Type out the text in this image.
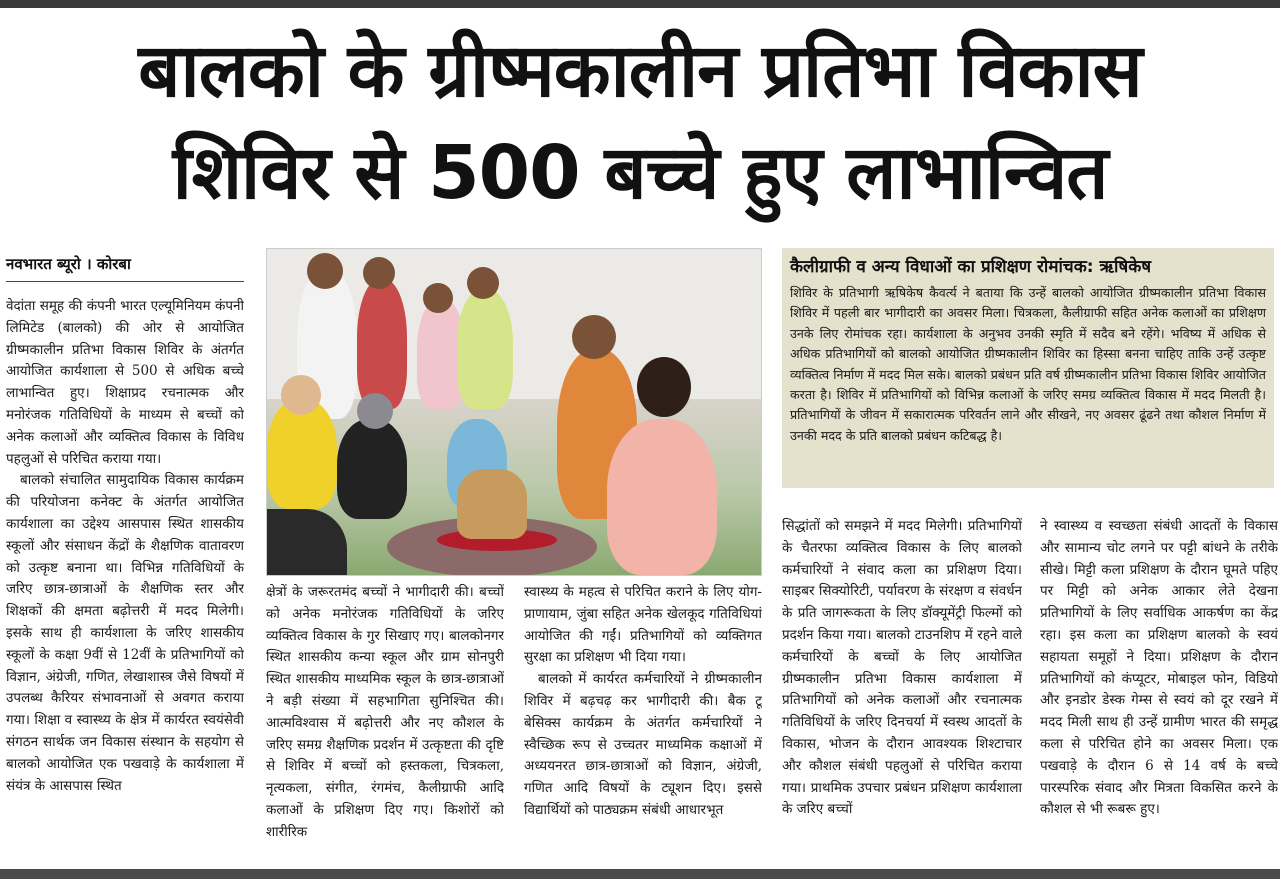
बालको के ग्रीष्मकालीन प्रतिभा विकास
शिविर से 500 बच्चे हुए लाभान्वित
नवभारत ब्यूरो । कोरबा

वेदांता समूह की कंपनी भारत एल्यूमिनियम कंपनी लिमिटेड (बालको) की ओर से आयोजित ग्रीष्मकालीन प्रतिभा विकास शिविर के अंतर्गत आयोजित कार्यशाला से 500 से अधिक बच्चे लाभान्वित हुए। शिक्षाप्रद रचनात्मक और मनोरंजक गतिविधियों के माध्यम से बच्चों को अनेक कलाओं और व्यक्तित्व विकास के विविध पहलुओं से परिचित कराया गया।

बालको संचालित सामुदायिक विकास कार्यक्रम की परियोजना कनेक्ट के अंतर्गत आयोजित कार्यशाला का उद्देश्य आसपास स्थित शासकीय स्कूलों और संसाधन केंद्रों के शैक्षणिक वातावरण को उत्कृष्ट बनाना था। विभिन्न गतिविधियों के जरिए छात्र-छात्राओं के शैक्षणिक स्तर और शिक्षकों की क्षमता बढ़ोत्तरी में मदद मिलेगी। इसके साथ ही कार्यशाला के जरिए शासकीय स्कूलों के कक्षा 9वीं से 12वीं के प्रतिभागियों को विज्ञान, अंग्रेजी, गणित, लेखाशास्त्र जैसे विषयों में उपलब्ध कैरियर संभावनाओं से अवगत कराया गया। शिक्षा व स्वास्थ्य के क्षेत्र में कार्यरत स्वयंसेवी संगठन सार्थक जन विकास संस्थान के सहयोग से बालको आयोजित एक पखवाड़े के कार्यशाला में संयंत्र के आसपास स्थित

कैलीग्राफी व अन्य विधाओं का प्रशिक्षण रोमांचक: ऋषिकेष

शिविर के प्रतिभागी ऋषिकेष कैवर्त्य ने बताया कि उन्हें बालको आयोजित ग्रीष्मकालीन प्रतिभा विकास शिविर में पहली बार भागीदारी का अवसर मिला। चित्रकला, कैलीग्राफी सहित अनेक कलाओं का प्रशिक्षण उनके लिए रोमांचक रहा। कार्यशाला के अनुभव उनकी स्मृति में सदैव बने रहेंगे। भविष्य में अधिक से अधिक प्रतिभागियों को बालको आयोजित ग्रीष्मकालीन शिविर का हिस्सा बनना चाहिए ताकि उन्हें उत्कृष्ट व्यक्तित्व निर्माण में मदद मिल सके। बालको प्रबंधन प्रति वर्ष ग्रीष्मकालीन प्रतिभा विकास शिविर आयोजित करता है। शिविर में प्रतिभागियों को विभिन्न कलाओं के जरिए समग्र व्यक्तित्व विकास में मदद मिलती है। प्रतिभागियों के जीवन में सकारात्मक परिवर्तन लाने और सीखने, नए अवसर ढूंढने तथा कौशल निर्माण में उनकी मदद के प्रति बालको प्रबंधन कटिबद्ध है।

क्षेत्रों के जरूरतमंद बच्चों ने भागीदारी की। बच्चों को अनेक मनोरंजक गतिविधियों के जरिए व्यक्तित्व विकास के गुर सिखाए गए। बालकोनगर स्थित शासकीय कन्या स्कूल और ग्राम सोनपुरी स्थित शासकीय माध्यमिक स्कूल के छात्र-छात्राओं ने बड़ी संख्या में सहभागिता सुनिश्चित की। आत्मविश्वास में बढ़ोत्तरी और नए कौशल के जरिए समग्र शैक्षणिक प्रदर्शन में उत्कृष्टता की दृष्टि से शिविर में बच्चों को हस्तकला, चित्रकला, नृत्यकला, संगीत, रंगमंच, कैलीग्राफी आदि कलाओं के प्रशिक्षण दिए गए। किशोरों को शारीरिक

स्वास्थ्य के महत्व से परिचित कराने के लिए योग-प्राणायाम, जुंबा सहित अनेक खेलकूद गतिविधियां आयोजित की गईं। प्रतिभागियों को व्यक्तिगत सुरक्षा का प्रशिक्षण भी दिया गया।

बालको में कार्यरत कर्मचारियों ने ग्रीष्मकालीन शिविर में बढ़चढ़ कर भागीदारी की। बैक टू बेसिक्स कार्यक्रम के अंतर्गत कर्मचारियों ने स्वैच्छिक रूप से उच्चतर माध्यमिक कक्षाओं में अध्ययनरत छात्र-छात्राओं को विज्ञान, अंग्रेजी, गणित आदि विषयों के ट्यूशन दिए। इससे विद्यार्थियों को पाठ्यक्रम संबंधी आधारभूत

सिद्धांतों को समझने में मदद मिलेगी। प्रतिभागियों के चैतरफा व्यक्तित्व विकास के लिए बालको कर्मचारियों ने संवाद कला का प्रशिक्षण दिया। साइबर सिक्योरिटी, पर्यावरण के संरक्षण व संवर्धन के प्रति जागरूकता के लिए डॉक्यूमेंट्री फिल्मों को प्रदर्शन किया गया। बालको टाउनशिप में रहने वाले कर्मचारियों के बच्चों के लिए आयोजित ग्रीष्मकालीन प्रतिभा विकास कार्यशाला में प्रतिभागियों को अनेक कलाओं और रचनात्मक गतिविधियों के जरिए दिनचर्या में स्वस्थ आदतों के विकास, भोजन के दौरान आवश्यक शिश्टाचार और कौशल संबंधी पहलुओं से परिचित कराया गया। प्राथमिक उपचार प्रबंधन प्रशिक्षण कार्यशाला के जरिए बच्चों

ने स्वास्थ्य व स्वच्छता संबंधी आदतों के विकास और सामान्य चोट लगने पर पट्टी बांधने के तरीके सीखे। मिट्टी कला प्रशिक्षण के दौरान घूमते पहिए पर मिट्टी को अनेक आकार लेते देखना प्रतिभागियों के लिए सर्वाधिक आकर्षण का केंद्र रहा। इस कला का प्रशिक्षण बालको के स्वयं सहायता समूहों ने दिया। प्रशिक्षण के दौरान प्रतिभागियों को कंप्यूटर, मोबाइल फोन, विडियो और इनडोर डेस्क गेम्स से स्वयं को दूर रखने में मदद मिली साथ ही उन्हें ग्रामीण भारत की समृद्ध कला से परिचित होने का अवसर मिला। एक पखवाड़े के दौरान 6 से 14 वर्ष के बच्चे पारस्परिक संवाद और मित्रता विकसित करने के कौशल से भी रूबरू हुए।
